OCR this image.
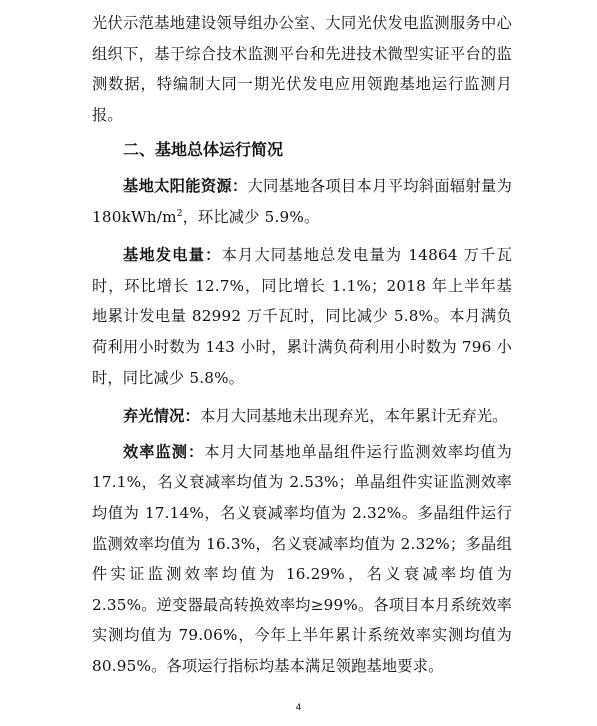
光伏示范基地建设领导组办公室、大同光伏发电监测服务中心组织下，基于综合技术监测平台和先进技术微型实证平台的监测数据，特编制大同一期光伏发电应用领跑基地运行监测月报。

二、基地总体运行简况

基地太阳能资源：大同基地各项目本月平均斜面辐射量为 $180kWh/m^2$，环比减少 5.9%。

基地发电量：本月大同基地总发电量为 14864 万千瓦时，环比增长 12.7%，同比增长 1.1%；2018 年上半年基地累计发电量 82992 万千瓦时，同比减少 5.8%。本月满负荷利用小时数为 143 小时，累计满负荷利用小时数为 796 小时，同比减少 5.8%。

弃光情况：本月大同基地未出现弃光，本年累计无弃光。

效率监测：本月大同基地单晶组件运行监测效率均值为 17.1%，名义衰减率均值为 2.53%；单晶组件实证监测效率均值为 17.14%，名义衰减率均值为 2.32%。多晶组件运行监测效率均值为 16.3%，名义衰减率均值为 2.32%；多晶组件实证监测效率均值为 16.29%，名义衰减率均值为 2.35%。逆变器最高转换效率均≥99%。各项目本月系统效率实测均值为 79.06%，今年上半年累计系统效率实测均值为 80.95%。各项运行指标均基本满足领跑基地要求。

4
